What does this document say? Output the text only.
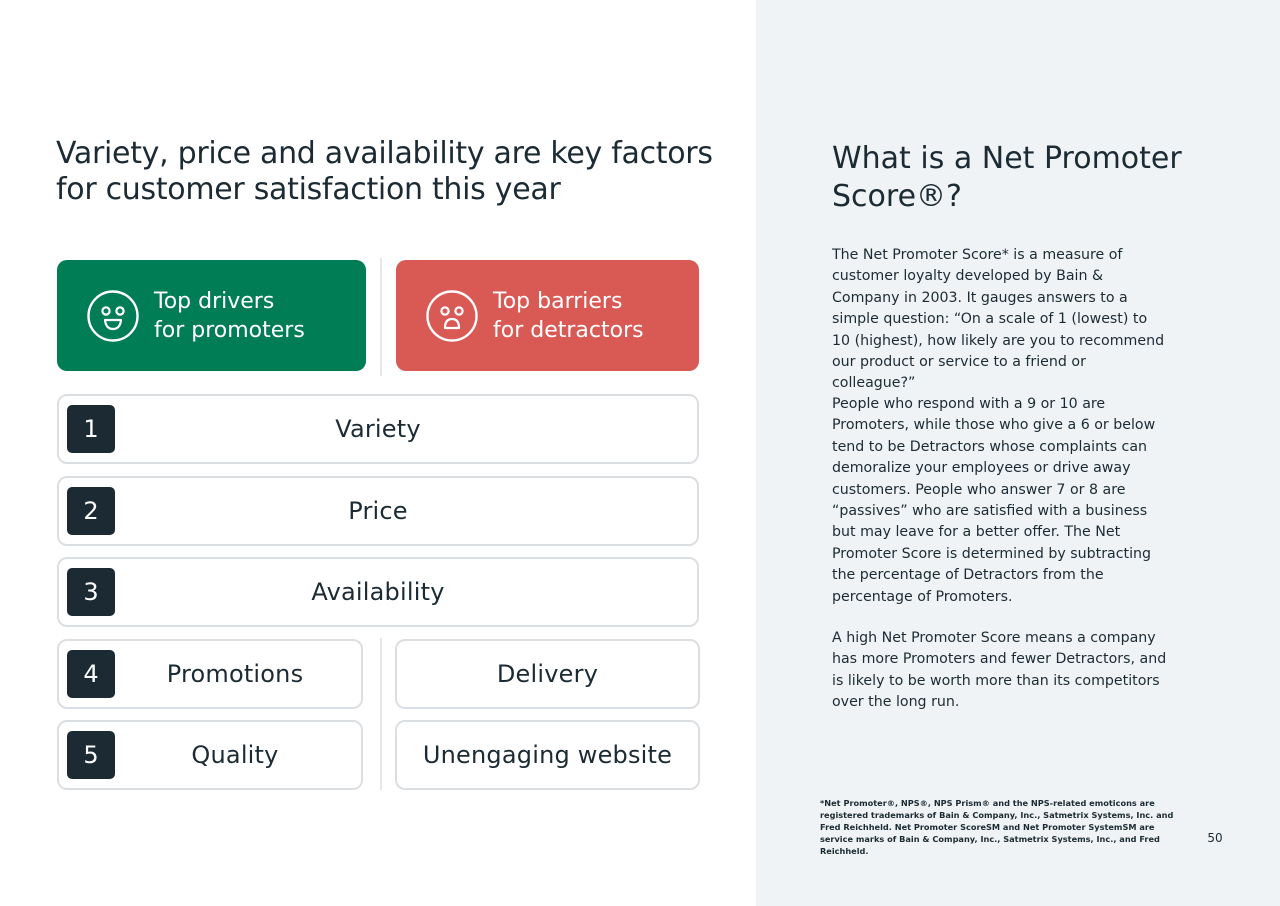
Variety, price and availability are key factors for customer satisfaction this year
Top drivers
for promoters
Top barriers
for detractors
1	Variety
2	Price
3	Availability
4	Promotions	Delivery
5	Quality	Unengaging website
What is a Net Promoter Score®?

The Net Promoter Score* is a measure of customer loyalty developed by Bain & Company in 2003. It gauges answers to a simple question: “On a scale of 1 (lowest) to 10 (highest), how likely are you to recommend our product or service to a friend or colleague?”

People who respond with a 9 or 10 are Promoters, while those who give a 6 or below tend to be Detractors whose complaints can demoralize your employees or drive away customers. People who answer 7 or 8 are “passives” who are satisfied with a business but may leave for a better offer. The Net Promoter Score is determined by subtracting the percentage of Detractors from the percentage of Promoters.

A high Net Promoter Score means a company has more Promoters and fewer Detractors, and is likely to be worth more than its competitors over the long run.

*Net Promoter®, NPS®, NPS Prism® and the NPS-related emoticons are registered trademarks of Bain & Company, Inc., Satmetrix Systems, Inc. and Fred Reichheld. Net Promoter ScoreSM and Net Promoter SystemSM are service marks of Bain & Company, Inc., Satmetrix Systems, Inc., and Fred Reichheld.

50
